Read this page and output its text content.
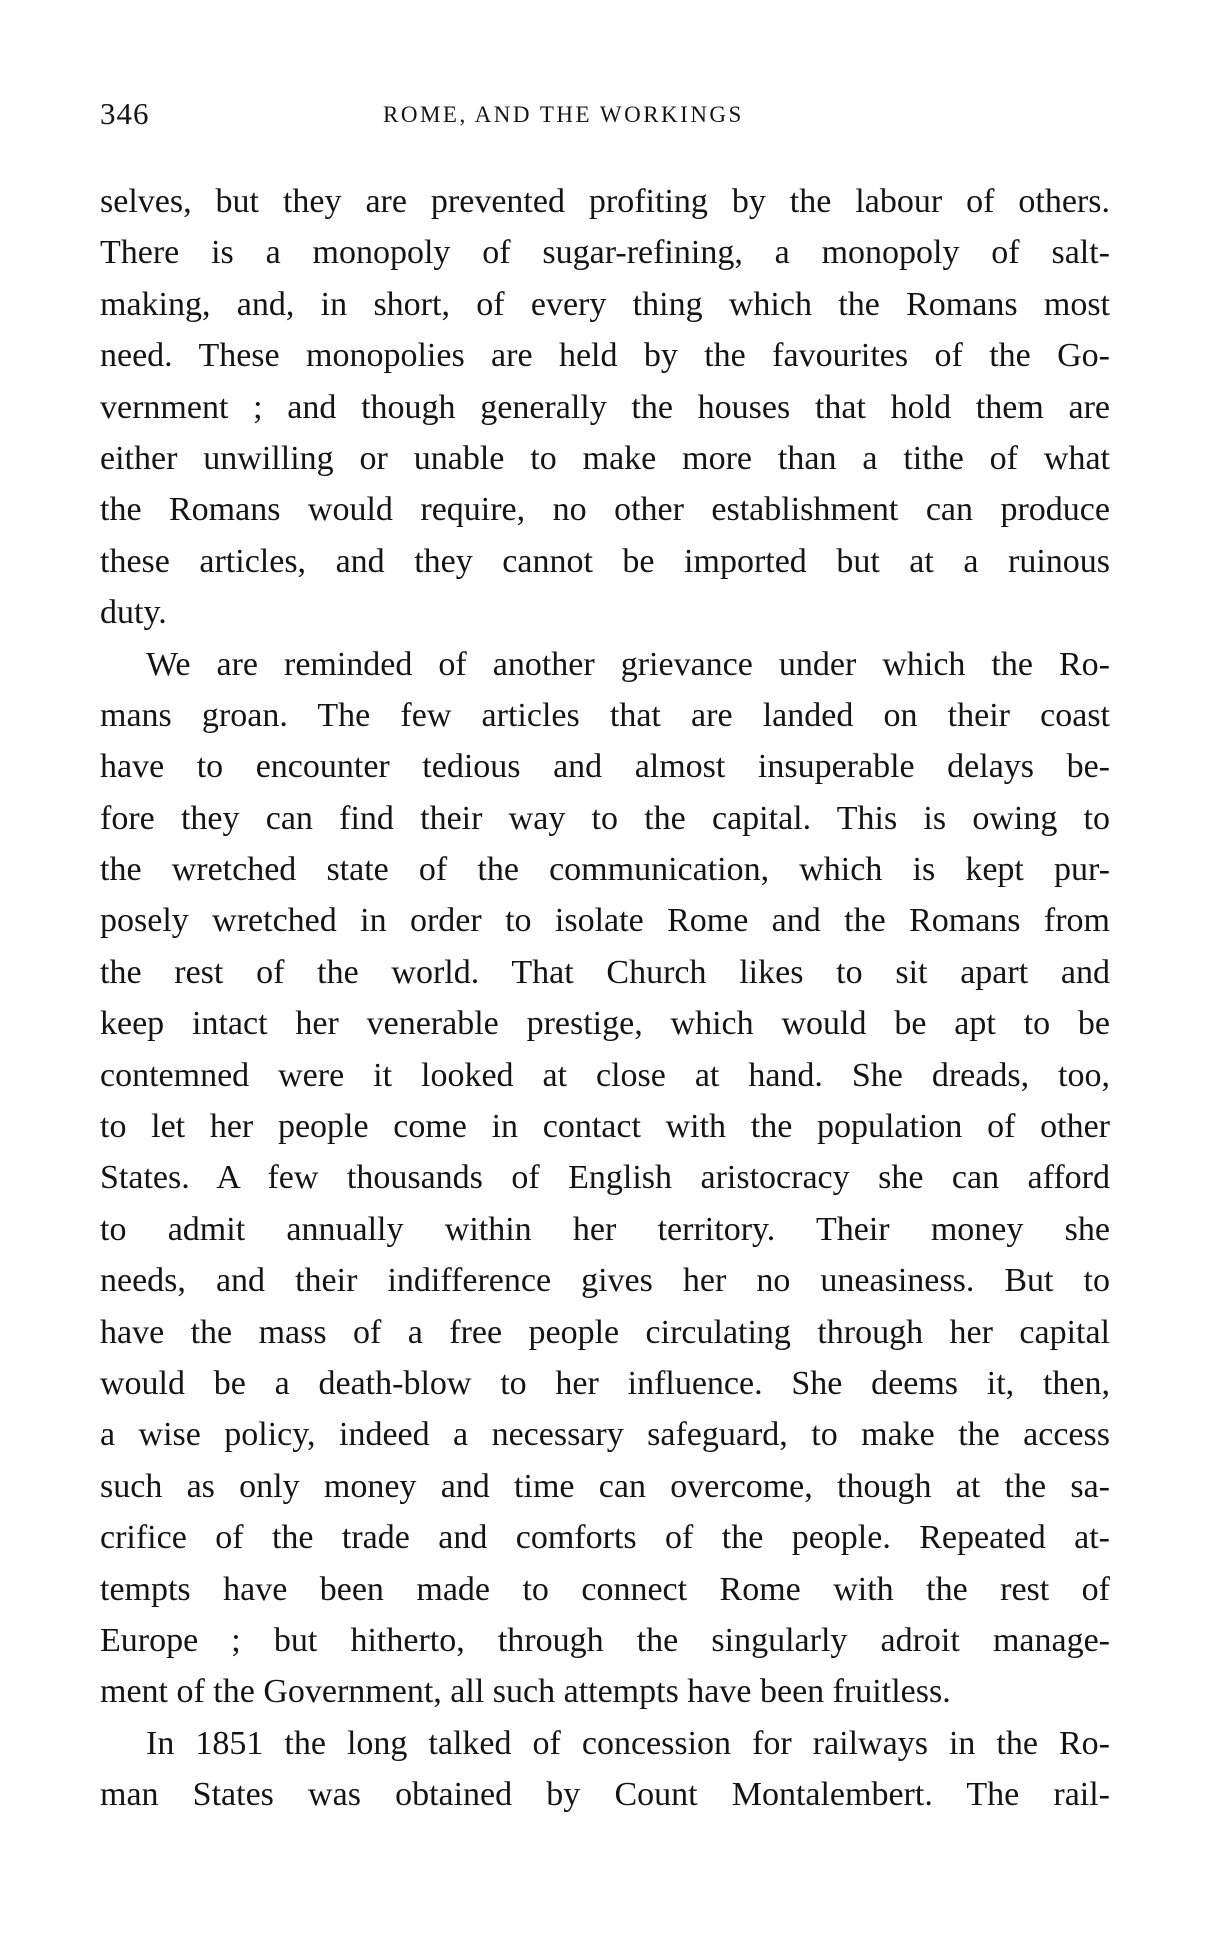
346	ROME, AND THE WORKINGS
selves, but they are prevented profiting by the labour of others.
There is a monopoly of sugar-refining, a monopoly of salt-
making, and, in short, of every thing which the Romans most
need. These monopolies are held by the favourites of the Go-
vernment ; and though generally the houses that hold them are
either unwilling or unable to make more than a tithe of what
the Romans would require, no other establishment can produce
these articles, and they cannot be imported but at a ruinous
duty.
We are reminded of another grievance under which the Ro-
mans groan. The few articles that are landed on their coast
have to encounter tedious and almost insuperable delays be-
fore they can find their way to the capital. This is owing to
the wretched state of the communication, which is kept pur-
posely wretched in order to isolate Rome and the Romans from
the rest of the world. That Church likes to sit apart and
keep intact her venerable prestige, which would be apt to be
contemned were it looked at close at hand. She dreads, too,
to let her people come in contact with the population of other
States. A few thousands of English aristocracy she can afford
to admit annually within her territory. Their money she
needs, and their indifference gives her no uneasiness. But to
have the mass of a free people circulating through her capital
would be a death-blow to her influence. She deems it, then,
a wise policy, indeed a necessary safeguard, to make the access
such as only money and time can overcome, though at the sa-
crifice of the trade and comforts of the people. Repeated at-
tempts have been made to connect Rome with the rest of
Europe ; but hitherto, through the singularly adroit manage-
ment of the Government, all such attempts have been fruitless.
In 1851 the long talked of concession for railways in the Ro-
man States was obtained by Count Montalembert. The rail-
